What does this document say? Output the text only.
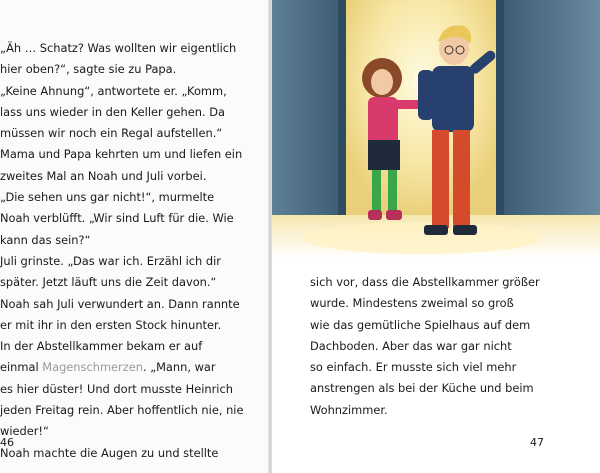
„Äh … Schatz? Was wollten wir eigentlich
hier oben?“, sagte sie zu Papa.
„Keine Ahnung“, antwortete er. „Komm,
lass uns wieder in den Keller gehen. Da
müssen wir noch ein Regal aufstellen.“
Mama und Papa kehrten um und liefen ein
zweites Mal an Noah und Juli vorbei.
„Die sehen uns gar nicht!“, murmelte
Noah verblüfft. „Wir sind Luft für die. Wie
kann das sein?“
Juli grinste. „Das war ich. Erzähl ich dir
später. Jetzt läuft uns die Zeit davon.“
Noah sah Juli verwundert an. Dann rannte
er mit ihr in den ersten Stock hinunter.
In der Abstellkammer bekam er auf
einmal Magenschmerzen. „Mann, war
es hier düster! Und dort musste Heinrich
jeden Freitag rein. Aber hoffentlich nie, nie
wieder!“
Noah machte die Augen zu und stellte
46
sich vor, dass die Abstellkammer größer
wurde. Mindestens zweimal so groß
wie das gemütliche Spielhaus auf dem
Dachboden. Aber das war gar nicht
so einfach. Er musste sich viel mehr
anstrengen als bei der Küche und beim
Wohnzimmer.
47
